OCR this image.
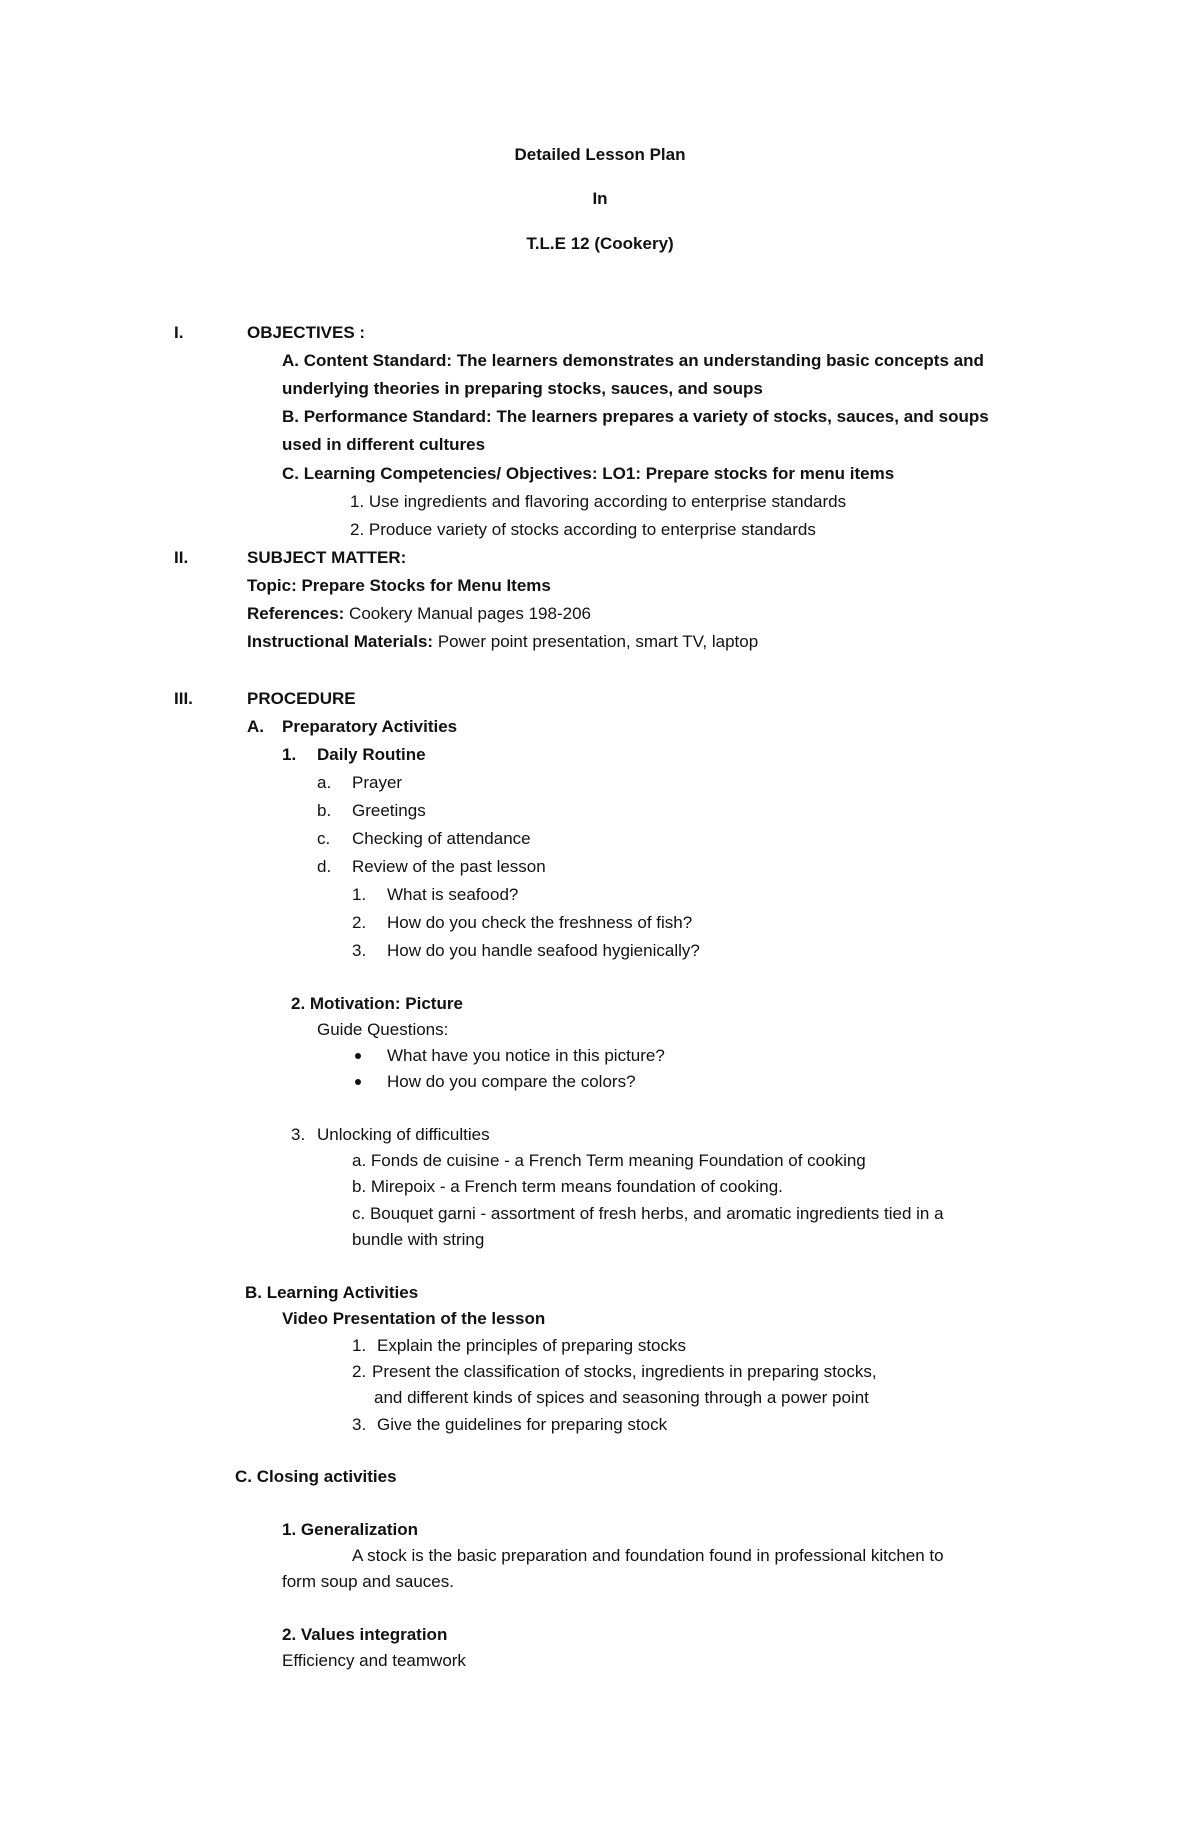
Detailed Lesson Plan
In
T.L.E 12 (Cookery)
I.	OBJECTIVES :
A. Content Standard: The learners demonstrates an understanding basic concepts and
underlying theories in preparing stocks, sauces, and soups
B. Performance Standard: The learners prepares a variety of stocks, sauces, and soups
used in different cultures
C. Learning Competencies/ Objectives: LO1: Prepare stocks for menu items
1. Use ingredients and flavoring according to enterprise standards
2. Produce variety of stocks according to enterprise standards
II.	SUBJECT MATTER:
Topic: Prepare Stocks for Menu Items
References: Cookery Manual pages 198-206
Instructional Materials: Power point presentation, smart TV, laptop
III.	PROCEDURE
A. Preparatory Activities
1. Daily Routine
a. Prayer
b. Greetings
c. Checking of attendance
d. Review of the past lesson
1. What is seafood?
2. How do you check the freshness of fish?
3. How do you handle seafood hygienically?
2. Motivation: Picture
Guide Questions:
What have you notice in this picture?
How do you compare the colors?
3. Unlocking of difficulties
a. Fonds de cuisine - a French Term meaning Foundation of cooking
b. Mirepoix - a French term means foundation of cooking.
c. Bouquet garni - assortment of fresh herbs, and aromatic ingredients tied in a
bundle with string
B. Learning Activities
Video Presentation of the lesson
1. Explain the principles of preparing stocks
2. Present the classification of stocks, ingredients in preparing stocks,
and different kinds of spices and seasoning through a power point
3. Give the guidelines for preparing stock
C. Closing activities
1. Generalization
A stock is the basic preparation and foundation found in professional kitchen to
form soup and sauces.
2. Values integration
Efficiency and teamwork
